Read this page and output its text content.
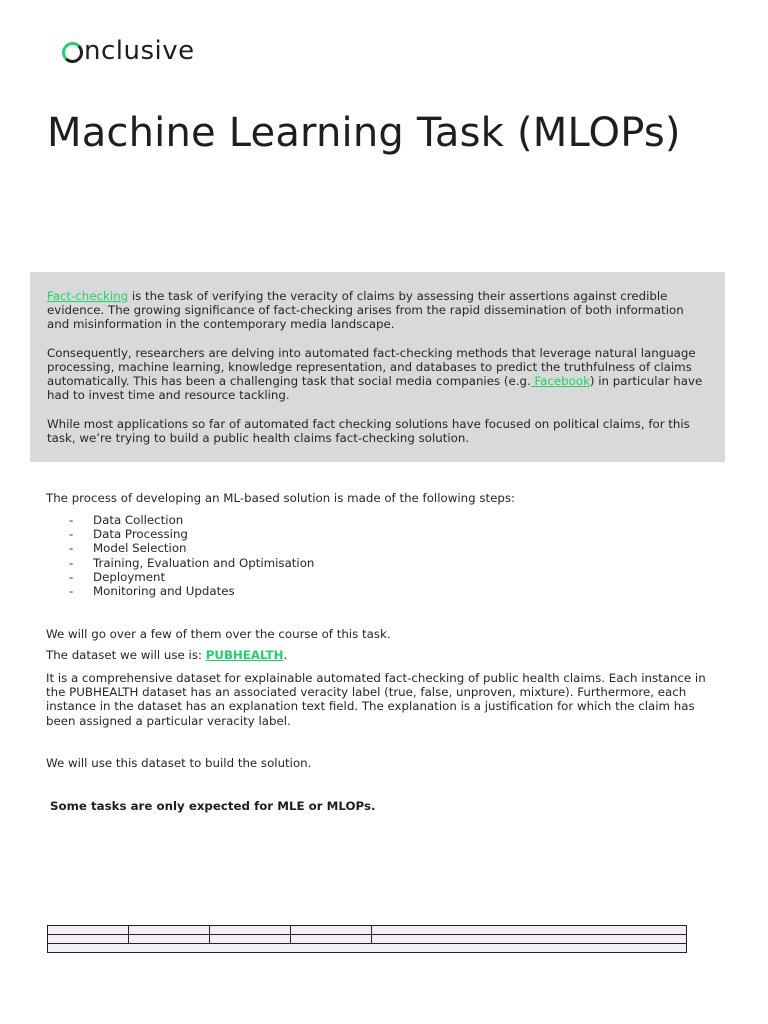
nclusive
Machine Learning Task (MLOPs)

Fact-checking is the task of verifying the veracity of claims by assessing their assertions against credible evidence. The growing significance of fact-checking arises from the rapid dissemination of both information and misinformation in the contemporary media landscape.

Consequently, researchers are delving into automated fact-checking methods that leverage natural language processing, machine learning, knowledge representation, and databases to predict the truthfulness of claims automatically. This has been a challenging task that social media companies (e.g. Facebook) in particular have had to invest time and resource tackling.

While most applications so far of automated fact checking solutions have focused on political claims, for this task, we’re trying to build a public health claims fact-checking solution.

The process of developing an ML-based solution is made of the following steps:

- Data Collection
- Data Processing
- Model Selection
- Training, Evaluation and Optimisation
- Deployment
- Monitoring and Updates

We will go over a few of them over the course of this task.

The dataset we will use is: PUBHEALTH.

It is a comprehensive dataset for explainable automated fact-checking of public health claims. Each instance in the PUBHEALTH dataset has an associated veracity label (true, false, unproven, mixture). Furthermore, each instance in the dataset has an explanation text field. The explanation is a justification for which the claim has been assigned a particular veracity label.

We will use this dataset to build the solution.

Some tasks are only expected for MLE or MLOPs.
